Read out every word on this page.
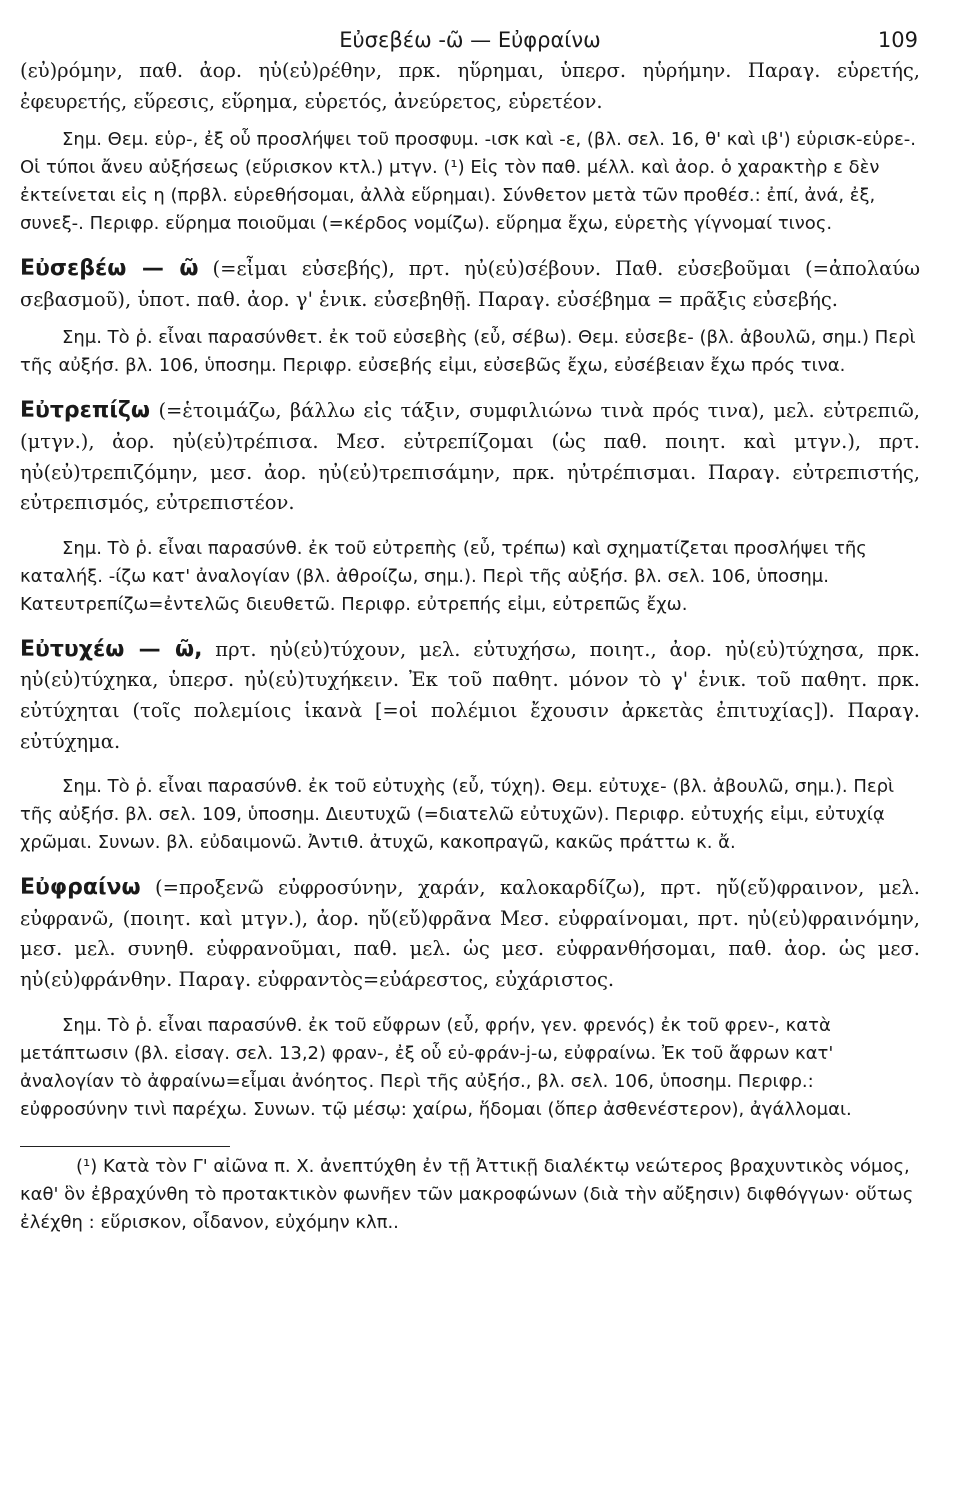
Εὐσεβέω -ῶ — Εὐφραίνω	109

(εὐ)ρόμην, παθ. ἀορ. ηὑ(εὐ)ρέθην, πρκ. ηὕρημαι, ὑπερσ. ηὑρήμην. Παραγ. εὑρετής, ἐφευρετής, εὕρεσις, εὕρημα, εὑρετός, ἀνεύρετος, εὑρετέον.

Σημ. Θεμ. εὑρ-, ἐξ οὗ προσλήψει τοῦ προσφυμ. -ισκ καὶ -ε, (βλ. σελ. 16, θ' καὶ ιβ') εὑρισκ-εὑρε-. Οἱ τύποι ἄνευ αὐξήσεως (εὕρισκον κτλ.) μτγν. (¹) Εἰς τὸν παθ. μέλλ. καὶ ἀορ. ὁ χαρακτὴρ ε δὲν ἐκτείνεται εἰς η (πρβλ. εὑρεθήσομαι, ἀλλὰ εὕρημαι). Σύνθετον μετὰ τῶν προθέσ.: ἐπί, ἀνά, ἐξ, συνεξ-. Περιφρ. εὕρημα ποιοῦμαι (=κέρδος νομίζω). εὕρημα ἔχω, εὑρετὴς γίγνομαί τινος.

Εὐσεβέω — ῶ (=εἶμαι εὐσεβής), πρτ. ηὐ(εὐ)σέβουν. Παθ. εὐσεβοῦμαι (=ἀπολαύω σεβασμοῦ), ὑποτ. παθ. ἀορ. γ' ἑνικ. εὐσεβηθῇ. Παραγ. εὐσέβημα = πρᾶξις εὐσεβής.

Σημ. Τὸ ῥ. εἶναι παρασύνθετ. ἐκ τοῦ εὐσεβὴς (εὖ, σέβω). Θεμ. εὐσεβε- (βλ. ἀβουλῶ, σημ.) Περὶ τῆς αὐξήσ. βλ. 106, ὑποσημ. Περιφρ. εὐσεβής εἰμι, εὐσεβῶς ἔχω, εὐσέβειαν ἔχω πρός τινα.

Εὐτρεπίζω (=ἑτοιμάζω, βάλλω εἰς τάξιν, συμφιλιώνω τινὰ πρός τινα), μελ. εὐτρεπιῶ, (μτγν.), ἀορ. ηὐ(εὐ)τρέπισα. Μεσ. εὐτρεπίζομαι (ὡς παθ. ποιητ. καὶ μτγν.), πρτ. ηὐ(εὐ)τρεπιζόμην, μεσ. ἀορ. ηὐ(εὐ)τρεπισάμην, πρκ. ηὐτρέπισμαι. Παραγ. εὐτρεπιστής, εὐτρεπισμός, εὐτρεπιστέον.

Σημ. Τὸ ῥ. εἶναι παρασύνθ. ἐκ τοῦ εὐτρεπὴς (εὖ, τρέπω) καὶ σχηματίζεται προσλήψει τῆς καταλήξ. -ίζω κατ' ἀναλογίαν (βλ. ἀθροίζω, σημ.). Περὶ τῆς αὐξήσ. βλ. σελ. 106, ὑποσημ. Κατευτρεπίζω=ἐντελῶς διευθετῶ. Περιφρ. εὐτρεπής εἰμι, εὐτρεπῶς ἔχω.

Εὐτυχέω — ῶ, πρτ. ηὐ(εὐ)τύχουν, μελ. εὐτυχήσω, ποιητ., ἀορ. ηὐ(εὐ)τύχησα, πρκ. ηὐ(εὐ)τύχηκα, ὑπερσ. ηὐ(εὐ)τυχήκειν. Ἐκ τοῦ παθητ. μόνον τὸ γ' ἑνικ. τοῦ παθητ. πρκ. εὐτύχηται (τοῖς πολεμίοις ἱκανὰ [=οἱ πολέμιοι ἔχουσιν ἀρκετὰς ἐπιτυχίας]). Παραγ. εὐτύχημα.

Σημ. Τὸ ῥ. εἶναι παρασύνθ. ἐκ τοῦ εὐτυχὴς (εὖ, τύχη). Θεμ. εὐτυχε- (βλ. ἀβουλῶ, σημ.). Περὶ τῆς αὐξήσ. βλ. σελ. 109, ὑποσημ. Διευτυχῶ (=διατελῶ εὐτυχῶν). Περιφρ. εὐτυχής εἰμι, εὐτυχίᾳ χρῶμαι. Συνων. βλ. εὐδαιμονῶ. Ἀντιθ. ἀτυχῶ, κακοπραγῶ, κακῶς πράττω κ. ἄ.

Εὐφραίνω (=προξενῶ εὐφροσύνην, χαράν, καλοκαρδίζω), πρτ. ηὔ(εὔ)φραινον, μελ. εὐφρανῶ, (ποιητ. καὶ μτγν.), ἀορ. ηὔ(εὔ)φρᾶνα Μεσ. εὐφραίνομαι, πρτ. ηὐ(εὐ)φραινόμην, μεσ. μελ. συνηθ. εὐφρανοῦμαι, παθ. μελ. ὡς μεσ. εὐφρανθήσομαι, παθ. ἀορ. ὡς μεσ. ηὐ(εὐ)φράνθην. Παραγ. εὐφραντὸς=εὐάρεστος, εὐχάριστος.

Σημ. Τὸ ῥ. εἶναι παρασύνθ. ἐκ τοῦ εὔφρων (εὖ, φρήν, γεν. φρενός) ἐκ τοῦ φρεν-, κατὰ μετάπτωσιν (βλ. εἰσαγ. σελ. 13,2) φραν-, ἐξ οὗ εὐ-φράν-j-ω, εὐφραίνω. Ἐκ τοῦ ἄφρων κατ' ἀναλογίαν τὸ ἀφραίνω=εἶμαι ἀνόητος. Περὶ τῆς αὐξήσ., βλ. σελ. 106, ὑποσημ. Περιφρ.: εὐφροσύνην τινὶ παρέχω. Συνων. τῷ μέσῳ: χαίρω, ἥδομαι (ὅπερ ἀσθενέστερον), ἀγάλλομαι.

(¹) Κατὰ τὸν Γ' αἰῶνα π. Χ. ἀνεπτύχθη ἐν τῇ Ἀττικῇ διαλέκτῳ νεώτερος βραχυντικὸς νόμος, καθ' ὃν ἐβραχύνθη τὸ προτακτικὸν φωνῆεν τῶν μακροφώνων (διὰ τὴν αὔξησιν) διφθόγγων· οὕτως ἐλέχθη : εὕρισκον, οἶδανον, εὐχόμην κλπ..
